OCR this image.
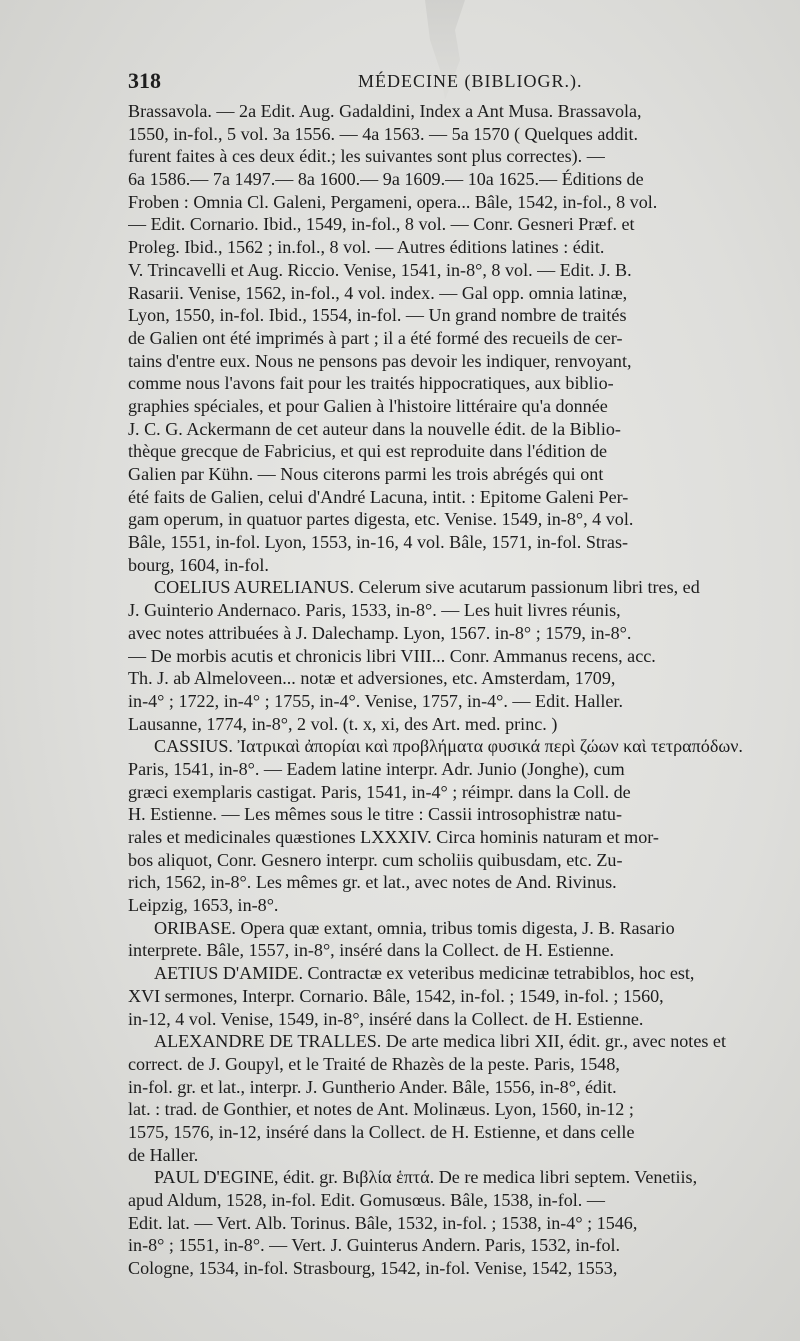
318	MÉDECINE (BIBLIOGR.).
Brassavola. — 2a Edit. Aug. Gadaldini, Index a Ant Musa. Brassavola,
1550, in-fol., 5 vol. 3a 1556. — 4a 1563. — 5a 1570 ( Quelques addit.
furent faites à ces deux édit.; les suivantes sont plus correctes). —
6a 1586.— 7a 1497.— 8a 1600.— 9a 1609.— 10a 1625.— Éditions de
Froben : Omnia Cl. Galeni, Pergameni, opera... Bâle, 1542, in-fol., 8 vol.
— Edit. Cornario. Ibid., 1549, in-fol., 8 vol. — Conr. Gesneri Præf. et
Proleg. Ibid., 1562 ; in.fol., 8 vol. — Autres éditions latines : édit.
V. Trincavelli et Aug. Riccio. Venise, 1541, in-8°, 8 vol. — Edit. J. B.
Rasarii. Venise, 1562, in-fol., 4 vol. index. — Gal opp. omnia latinæ,
Lyon, 1550, in-fol. Ibid., 1554, in-fol. — Un grand nombre de traités
de Galien ont été imprimés à part ; il a été formé des recueils de cer-
tains d'entre eux. Nous ne pensons pas devoir les indiquer, renvoyant,
comme nous l'avons fait pour les traités hippocratiques, aux biblio-
graphies spéciales, et pour Galien à l'histoire littéraire qu'a donnée
J. C. G. Ackermann de cet auteur dans la nouvelle édit. de la Biblio-
thèque grecque de Fabricius, et qui est reproduite dans l'édition de
Galien par Kühn. — Nous citerons parmi les trois abrégés qui ont
été faits de Galien, celui d'André Lacuna, intit. : Epitome Galeni Per-
gam operum, in quatuor partes digesta, etc. Venise. 1549, in-8°, 4 vol.
Bâle, 1551, in-fol. Lyon, 1553, in-16, 4 vol. Bâle, 1571, in-fol. Stras-
bourg, 1604, in-fol.
COELIUS AURELIANUS. Celerum sive acutarum passionum libri tres, ed
J. Guinterio Andernaco. Paris, 1533, in-8°. — Les huit livres réunis,
avec notes attribuées à J. Dalechamp. Lyon, 1567. in-8° ; 1579, in-8°.
— De morbis acutis et chronicis libri VIII... Conr. Ammanus recens, acc.
Th. J. ab Almeloveen... notæ et adversiones, etc. Amsterdam, 1709,
in-4° ; 1722, in-4° ; 1755, in-4°. Venise, 1757, in-4°. — Edit. Haller.
Lausanne, 1774, in-8°, 2 vol. (t. x, xi, des Art. med. princ. )
CASSIUS. Ἰατρικαὶ ἀπορίαι καὶ προβλήματα φυσικά περὶ ζώων καὶ τετραπόδων.
Paris, 1541, in-8°. — Eadem latine interpr. Adr. Junio (Jonghe), cum
græci exemplaris castigat. Paris, 1541, in-4° ; réimpr. dans la Coll. de
H. Estienne. — Les mêmes sous le titre : Cassii introsophistræ natu-
rales et medicinales quæstiones LXXXIV. Circa hominis naturam et mor-
bos aliquot, Conr. Gesnero interpr. cum scholiis quibusdam, etc. Zu-
rich, 1562, in-8°. Les mêmes gr. et lat., avec notes de And. Rivinus.
Leipzig, 1653, in-8°.
ORIBASE. Opera quæ extant, omnia, tribus tomis digesta, J. B. Rasario
interprete. Bâle, 1557, in-8°, inséré dans la Collect. de H. Estienne.
AETIUS D'AMIDE. Contractæ ex veteribus medicinæ tetrabiblos, hoc est,
XVI sermones, Interpr. Cornario. Bâle, 1542, in-fol. ; 1549, in-fol. ; 1560,
in-12, 4 vol. Venise, 1549, in-8°, inséré dans la Collect. de H. Estienne.
ALEXANDRE DE TRALLES. De arte medica libri XII, édit. gr., avec notes et
correct. de J. Goupyl, et le Traité de Rhazès de la peste. Paris, 1548,
in-fol. gr. et lat., interpr. J. Guntherio Ander. Bâle, 1556, in-8°, édit.
lat. : trad. de Gonthier, et notes de Ant. Molinæus. Lyon, 1560, in-12 ;
1575, 1576, in-12, inséré dans la Collect. de H. Estienne, et dans celle
de Haller.
PAUL D'EGINE, édit. gr. Βιβλία ἑπτά. De re medica libri septem. Venetiis,
apud Aldum, 1528, in-fol. Edit. Gomusœus. Bâle, 1538, in-fol. —
Edit. lat. — Vert. Alb. Torinus. Bâle, 1532, in-fol. ; 1538, in-4° ; 1546,
in-8° ; 1551, in-8°. — Vert. J. Guinterus Andern. Paris, 1532, in-fol.
Cologne, 1534, in-fol. Strasbourg, 1542, in-fol. Venise, 1542, 1553,
